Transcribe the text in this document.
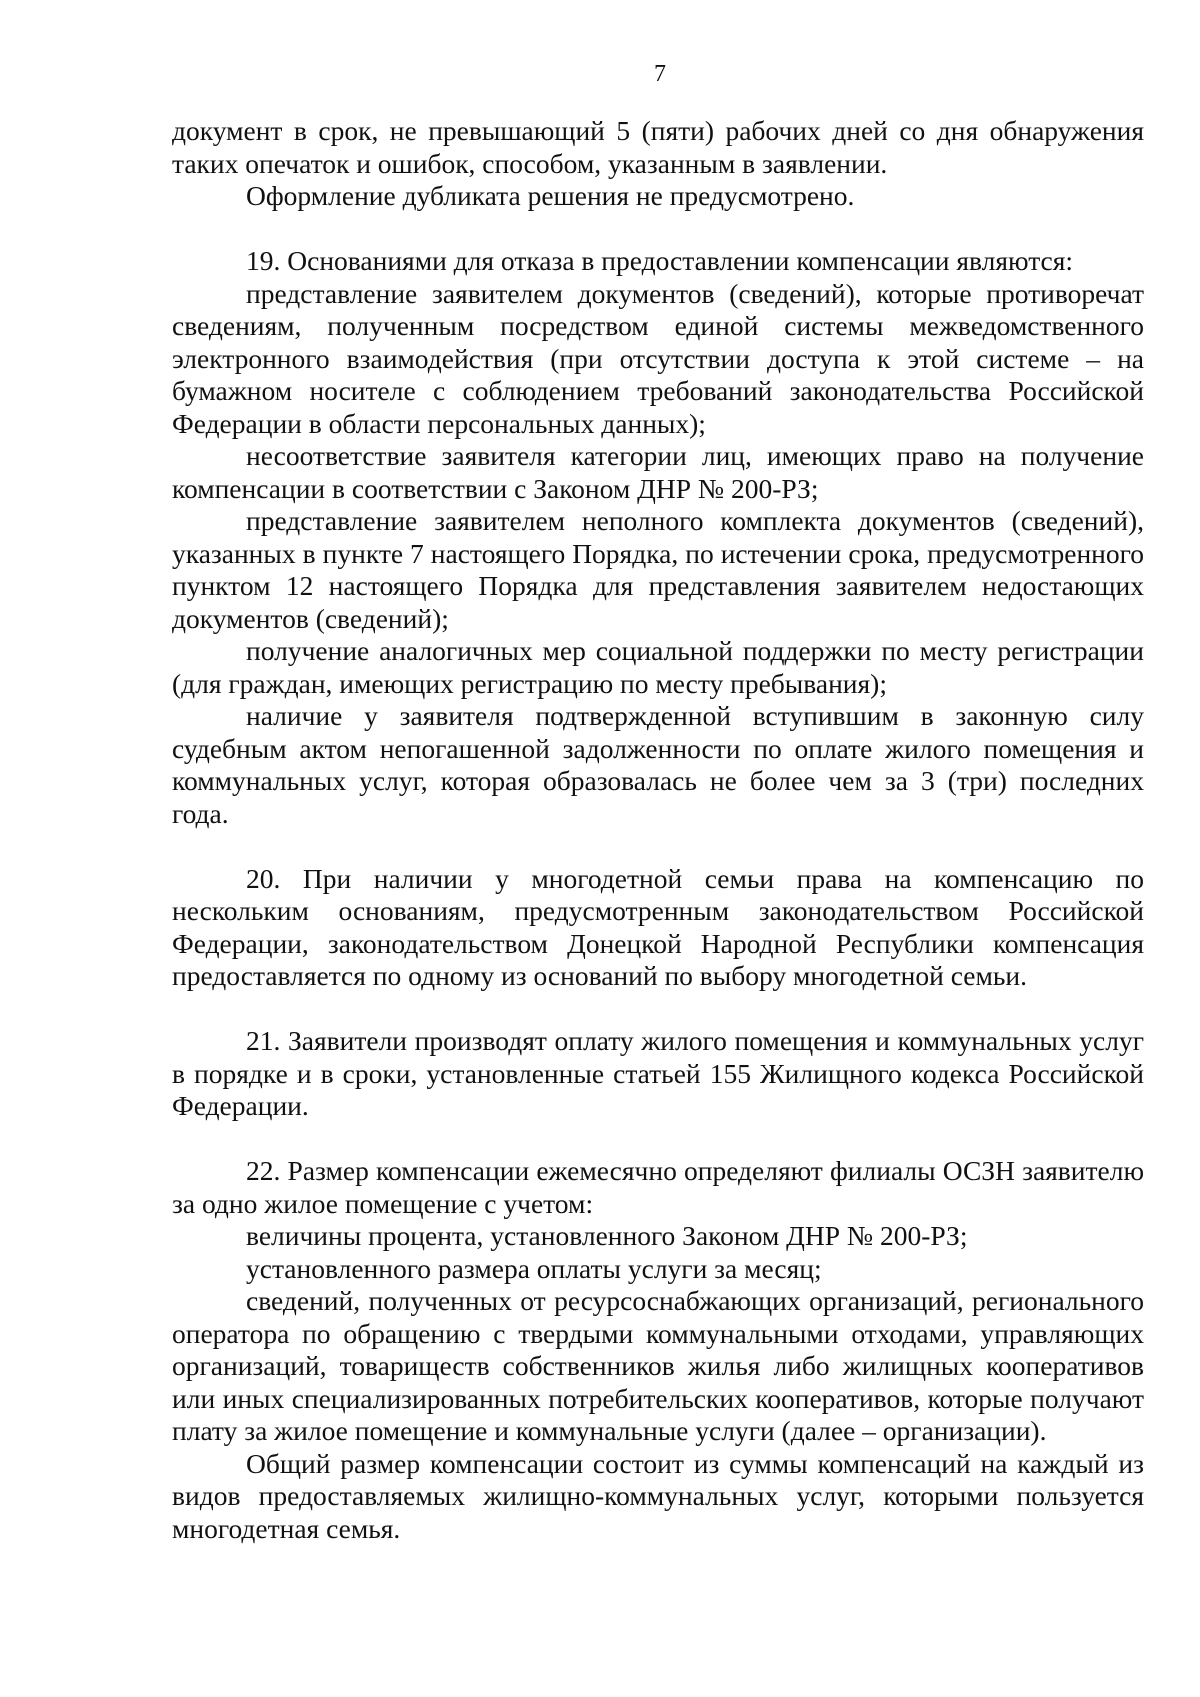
7

документ в срок, не превышающий 5 (пяти) рабочих дней со дня обнаружения таких опечаток и ошибок, способом, указанным в заявлении.

Оформление дубликата решения не предусмотрено.

19. Основаниями для отказа в предоставлении компенсации являются:

представление заявителем документов (сведений), которые противоречат сведениям, полученным посредством единой системы межведомственного электронного взаимодействия (при отсутствии доступа к этой системе – на бумажном носителе с соблюдением требований законодательства Российской Федерации в области персональных данных);

несоответствие заявителя категории лиц, имеющих право на получение компенсации в соответствии с Законом ДНР № 200-РЗ;

представление заявителем неполного комплекта документов (сведений), указанных в пункте 7 настоящего Порядка, по истечении срока, предусмотренного пунктом 12 настоящего Порядка для представления заявителем недостающих документов (сведений);

получение аналогичных мер социальной поддержки по месту регистрации (для граждан, имеющих регистрацию по месту пребывания);

наличие у заявителя подтвержденной вступившим в законную силу судебным актом непогашенной задолженности по оплате жилого помещения и коммунальных услуг, которая образовалась не более чем за 3 (три) последних года.

20. При наличии у многодетной семьи права на компенсацию по нескольким основаниям, предусмотренным законодательством Российской Федерации, законодательством Донецкой Народной Республики компенсация предоставляется по одному из оснований по выбору многодетной семьи.

21. Заявители производят оплату жилого помещения и коммунальных услуг в порядке и в сроки, установленные статьей 155 Жилищного кодекса Российской Федерации.

22. Размер компенсации ежемесячно определяют филиалы ОСЗН заявителю за одно жилое помещение с учетом:

величины процента, установленного Законом ДНР № 200-РЗ;

установленного размера оплаты услуги за месяц;

сведений, полученных от ресурсоснабжающих организаций, регионального оператора по обращению с твердыми коммунальными отходами, управляющих организаций, товариществ собственников жилья либо жилищных кооперативов или иных специализированных потребительских кооперативов, которые получают плату за жилое помещение и коммунальные услуги (далее – организации).

Общий размер компенсации состоит из суммы компенсаций на каждый из видов предоставляемых жилищно-коммунальных услуг, которыми пользуется многодетная семья.
